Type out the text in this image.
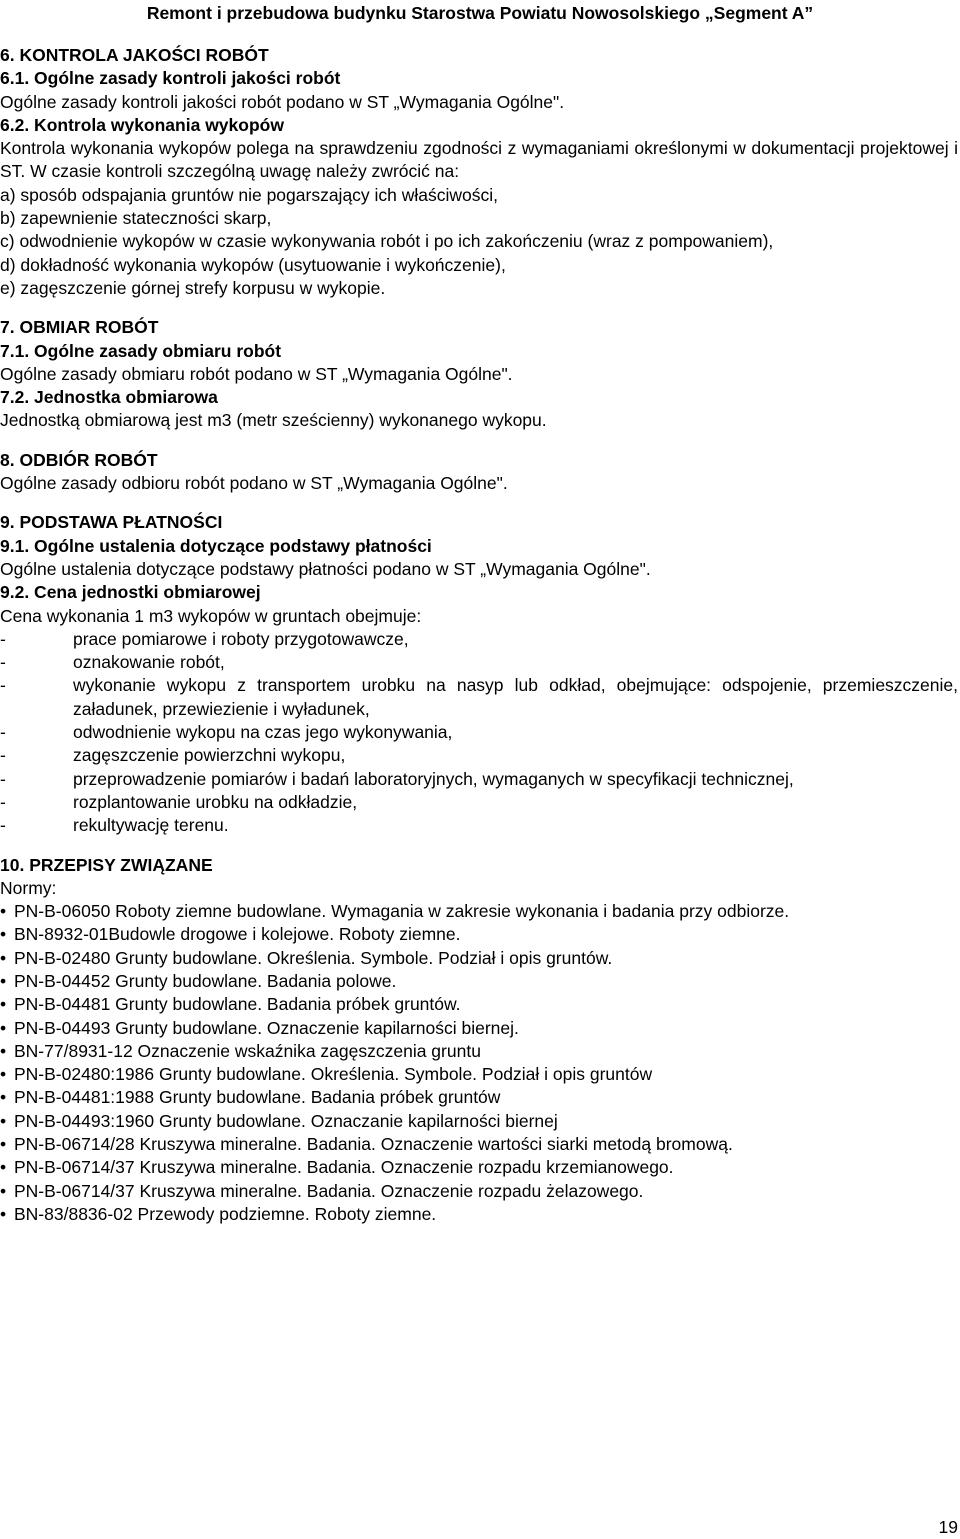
Remont i przebudowa budynku Starostwa Powiatu Nowosolskiego „Segment A”

6. KONTROLA JAKOŚCI ROBÓT

6.1. Ogólne zasady kontroli jakości robót

Ogólne zasady kontroli jakości robót podano w ST „Wymagania Ogólne".

6.2. Kontrola wykonania wykopów

Kontrola wykonania wykopów polega na sprawdzeniu zgodności z wymaganiami określonymi w dokumentacji projektowej i ST. W czasie kontroli szczególną uwagę należy zwrócić na:

a) sposób odspajania gruntów nie pogarszający ich właściwości,

b) zapewnienie stateczności skarp,

c) odwodnienie wykopów w czasie wykonywania robót i po ich zakończeniu (wraz z pompowaniem),

d) dokładność wykonania wykopów (usytuowanie i wykończenie),

e) zagęszczenie górnej strefy korpusu w wykopie.

7. OBMIAR ROBÓT

7.1. Ogólne zasady obmiaru robót

Ogólne zasady obmiaru robót podano w ST „Wymagania Ogólne".

7.2. Jednostka obmiarowa

Jednostką obmiarową jest m3 (metr sześcienny) wykonanego wykopu.

8. ODBIÓR ROBÓT

Ogólne zasady odbioru robót podano w ST „Wymagania Ogólne".

9. PODSTAWA PŁATNOŚCI

9.1. Ogólne ustalenia dotyczące podstawy płatności

Ogólne ustalenia dotyczące podstawy płatności podano w ST „Wymagania Ogólne".

9.2. Cena jednostki obmiarowej

Cena wykonania 1 m3 wykopów w gruntach obejmuje:

-	prace pomiarowe i roboty przygotowawcze,
-	oznakowanie robót,
-	wykonanie wykopu z transportem urobku na nasyp lub odkład, obejmujące: odspojenie, przemieszczenie, załadunek, przewiezienie i wyładunek,
-	odwodnienie wykopu na czas jego wykonywania,
-	zagęszczenie powierzchni wykopu,
-	przeprowadzenie pomiarów i badań laboratoryjnych, wymaganych w specyfikacji technicznej,
-	rozplantowanie urobku na odkładzie,
-	rekultywację terenu.

10. PRZEPISY ZWIĄZANE

Normy:

• PN-B-06050 Roboty ziemne budowlane. Wymagania w zakresie wykonania i badania przy odbiorze.

• BN-8932-01Budowle drogowe i kolejowe. Roboty ziemne.

• PN-B-02480 Grunty budowlane. Określenia. Symbole. Podział i opis gruntów.

• PN-B-04452 Grunty budowlane. Badania polowe.

• PN-B-04481 Grunty budowlane. Badania próbek gruntów.

• PN-B-04493 Grunty budowlane. Oznaczenie kapilarności biernej.

• BN-77/8931-12 Oznaczenie wskaźnika zagęszczenia gruntu

• PN-B-02480:1986 Grunty budowlane. Określenia. Symbole. Podział i opis gruntów

• PN-B-04481:1988 Grunty budowlane. Badania próbek gruntów

• PN-B-04493:1960 Grunty budowlane. Oznaczanie kapilarności biernej

• PN-B-06714/28 Kruszywa mineralne. Badania. Oznaczenie wartości siarki metodą bromową.

• PN-B-06714/37 Kruszywa mineralne. Badania. Oznaczenie rozpadu krzemianowego.

• PN-B-06714/37 Kruszywa mineralne. Badania. Oznaczenie rozpadu żelazowego.

• BN-83/8836-02 Przewody podziemne. Roboty ziemne.

19
